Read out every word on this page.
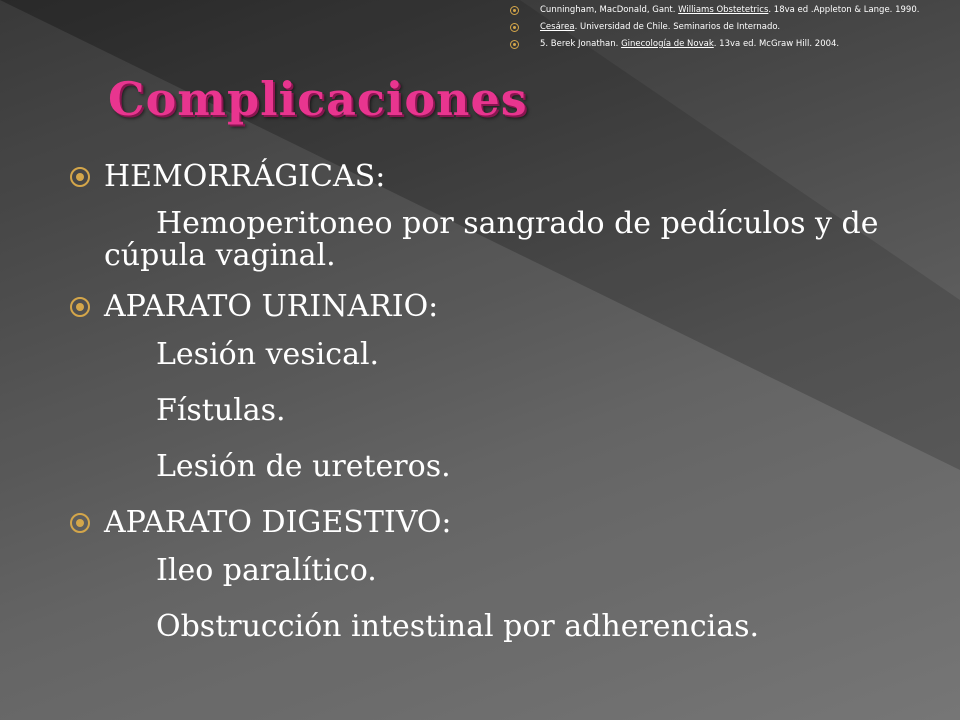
Cunningham, MacDonald, Gant. Williams Obstetetrics. 18va ed .Appleton & Lange. 1990.
Cesárea. Universidad de Chile. Seminarios de Internado.
5. Berek Jonathan. Ginecología de Novak. 13va ed. McGraw Hill. 2004.
Complicaciones
HEMORRÁGICAS:
Hemoperitoneo por sangrado de pedículos y de cúpula vaginal.
APARATO URINARIO:
Lesión vesical.
Fístulas.
Lesión de ureteros.
APARATO DIGESTIVO:
Ileo paralítico.
Obstrucción intestinal por adherencias.
